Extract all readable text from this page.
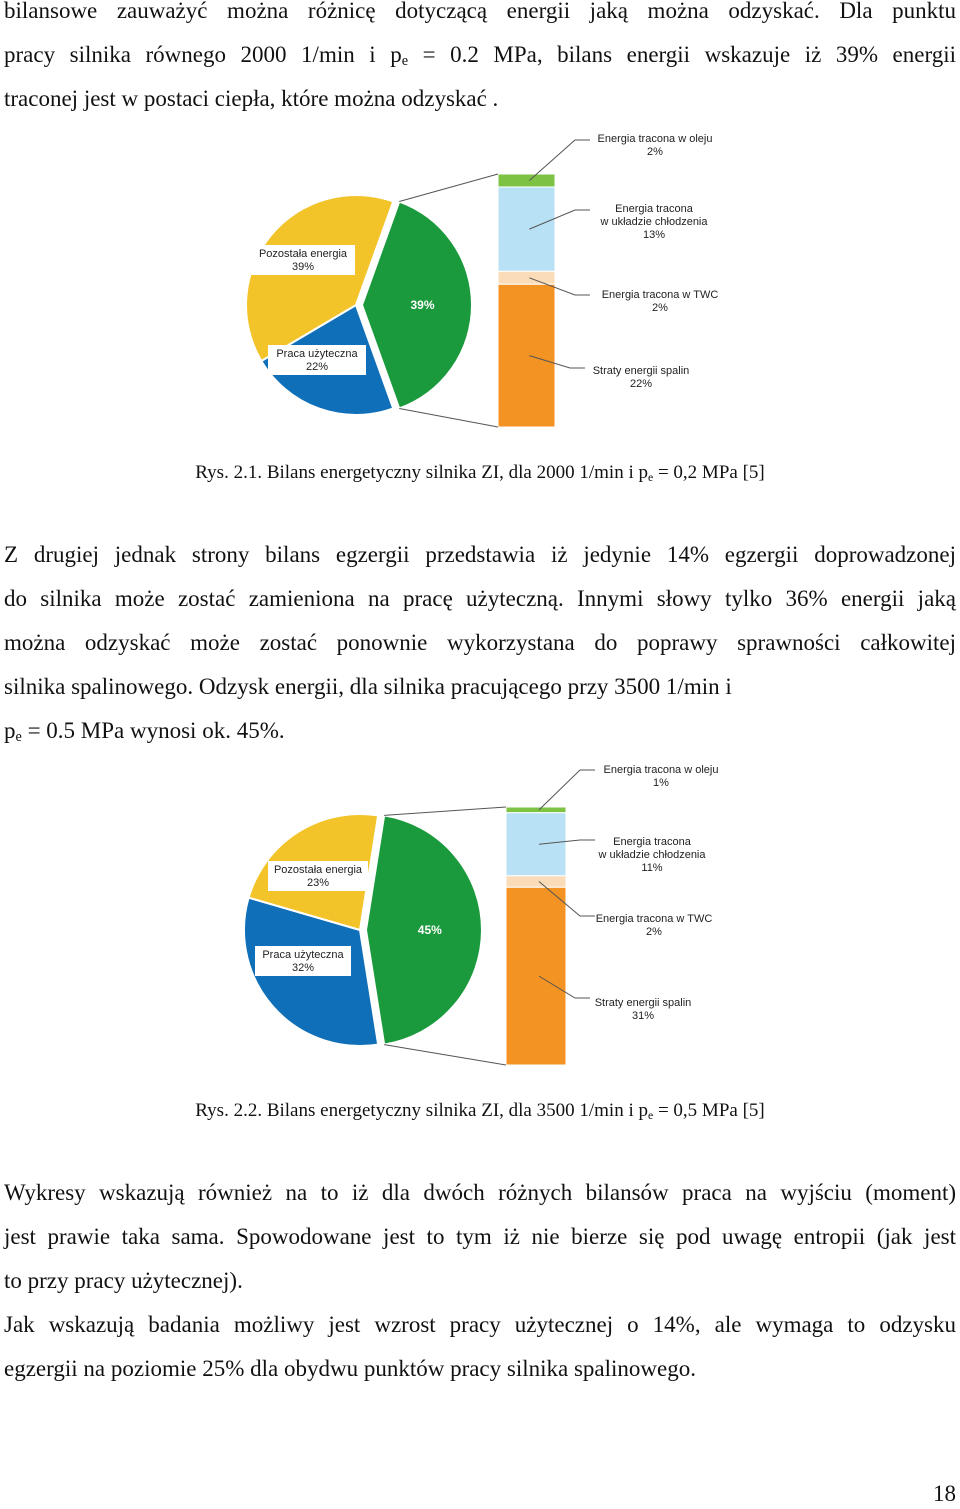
bilansowe zauważyć można różnicę dotyczącą energii jaką można odzyskać. Dla punktu
pracy silnika równego 2000 1/min i $p_e = 0.2$ MPa, bilans energii wskazuje iż 39% energii
traconej jest w postaci ciepła, które można odzyskać .
39%
Praca użyteczna
22%
Pozostała energia
39%
Energia tracona w oleju
2%
Energia tracona
w układzie chłodzenia
13%
Energia tracona w TWC
2%
Straty energii spalin
22%

Rys. 2.1. Bilans energetyczny silnika ZI, dla 2000 1/min i $p_e = 0,2$ MPa [5]

Z drugiej jednak strony bilans egzergii przedstawia iż jedynie 14% egzergii doprowadzonej
do silnika może zostać zamieniona na pracę użyteczną. Innymi słowy tylko 36% energii jaką
można odzyskać może zostać ponownie wykorzystana do poprawy sprawności całkowitej
silnika spalinowego. Odzysk energii, dla silnika pracującego przy 3500 1/min i
$p_e = 0.5$ MPa wynosi ok. 45%.
45%
Praca użyteczna
32%
Pozostała energia
23%
Energia tracona w oleju
1%
Energia tracona
w układzie chłodzenia
11%
Energia tracona w TWC
2%
Straty energii spalin
31%

Rys. 2.2. Bilans energetyczny silnika ZI, dla 3500 1/min i $p_e = 0,5$ MPa [5]

Wykresy wskazują również na to iż dla dwóch różnych bilansów praca na wyjściu (moment)
jest prawie taka sama. Spowodowane jest to tym iż nie bierze się pod uwagę entropii (jak jest
to przy pracy użytecznej).
Jak wskazują badania możliwy jest wzrost pracy użytecznej o 14%, ale wymaga to odzysku
egzergii na poziomie 25% dla obydwu punktów pracy silnika spalinowego.
18
